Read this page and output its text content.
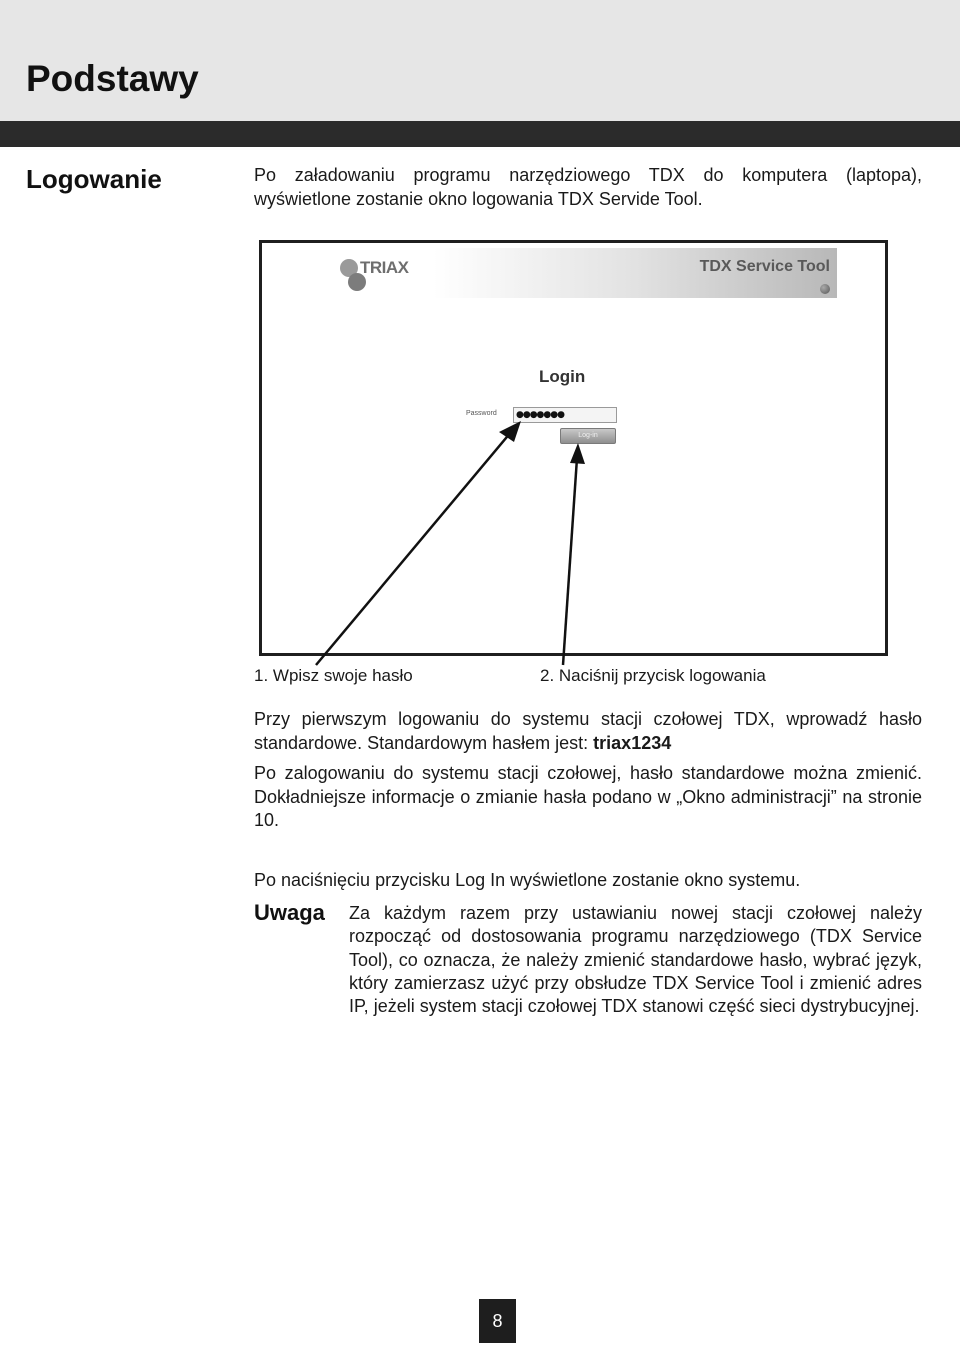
Podstawy
Logowanie	Po załadowaniu programu narzędziowego TDX do komputera (laptopa), wyświetlone zostanie okno logowania TDX Servide Tool.

TRIAX	TDX Service Tool
Login
Password	●●●●●●●
Log-in

1. Wpisz swoje hasło	2. Naciśnij przycisk logowania

Przy pierwszym logowaniu do systemu stacji czołowej TDX, wprowadź hasło standardowe. Standardowym hasłem jest: triax1234

Po zalogowaniu do systemu stacji czołowej, hasło standardowe można zmienić. Dokładniejsze informacje o zmianie hasła podano w „Okno administracji” na stronie 10.

Po naciśnięciu przycisku Log In wyświetlone zostanie okno systemu.

Uwaga Za każdym razem przy ustawianiu nowej stacji czołowej należy rozpocząć od dostosowania programu narzędziowego (TDX Service Tool), co oznacza, że należy zmienić standardowe hasło, wybrać język, który zamierzasz użyć przy obsłudze TDX Service Tool i zmienić adres IP, jeżeli system stacji czołowej TDX stanowi część sieci dystrybucyjnej.

8
